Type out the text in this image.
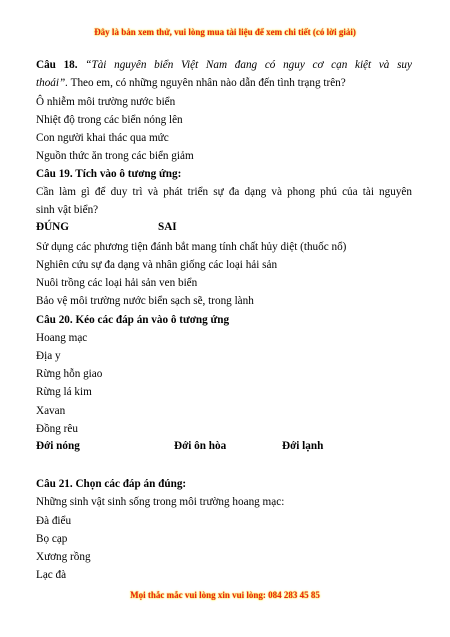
Đây là bản xem thử, vui lòng mua tài liệu để xem chi tiết (có lời giải)
Câu 18. “Tài nguyên biển Việt Nam đang có nguy cơ cạn kiệt và suy
thoái”. Theo em, có những nguyên nhân nào dẫn đến tình trạng trên?
Ô nhiễm môi trường nước biển
Nhiệt độ trong các biển nóng lên
Con người khai thác qua mức
Nguồn thức ăn trong các biển giảm
Câu 19. Tích vào ô tương ứng:
Cần làm gì để duy trì và phát triển sự đa dạng và phong phú của tài nguyên
sinh vật biển?
ĐÚNG	SAI
Sử dụng các phương tiện đánh bắt mang tính chất hủy diệt (thuốc nổ)
Nghiên cứu sự đa dạng và nhân giống các loại hải sản
Nuôi trồng các loại hải sản ven biển
Bảo vệ môi trường nước biển sạch sẽ, trong lành
Câu 20. Kéo các đáp án vào ô tương ứng
Hoang mạc
Địa y
Rừng hỗn giao
Rừng lá kim
Xavan
Đồng rêu
Đới nóng	Đới ôn hòa	Đới lạnh
Câu 21. Chọn các đáp án đúng:
Những sinh vật sinh sống trong môi trường hoang mạc:
Đà điểu
Bọ cạp
Xương rồng
Lạc đà
Mọi thắc mắc vui lòng xin vui lòng: 084 283 45 85
